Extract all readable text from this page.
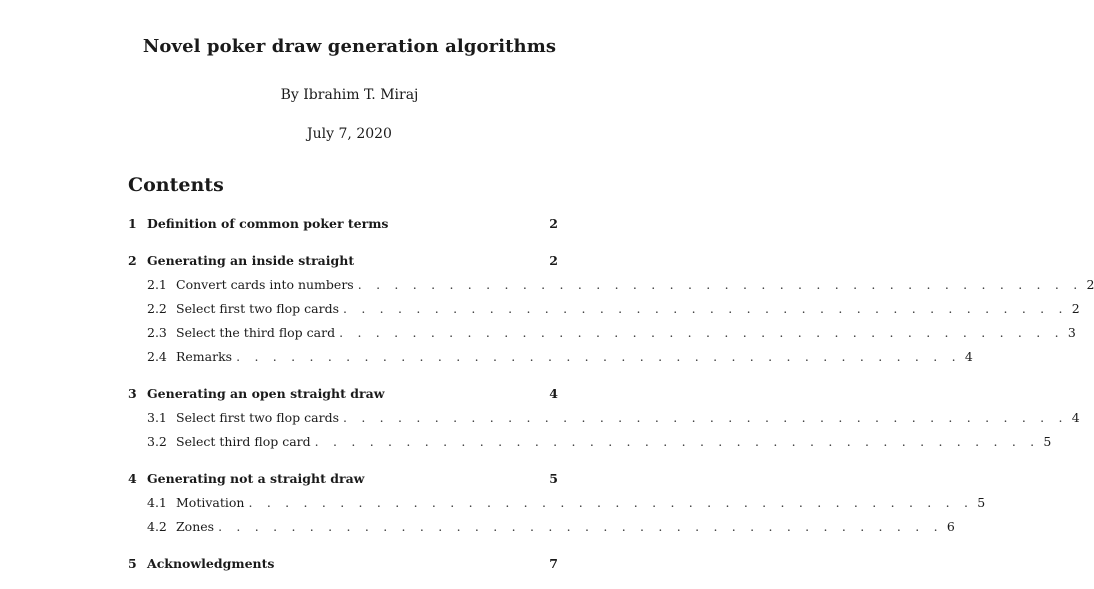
Novel poker draw generation algorithms
By Ibrahim T. Miraj
July 7, 2020
Contents
1 Definition of common poker terms	2
2 Generating an inside straight	2
2.1 Convert cards into numbers . . . . . . . . . . . . . . . . . . . . . . . . . . . . . . . . . . . . . . . . 2
2.2 Select first two flop cards . . . . . . . . . . . . . . . . . . . . . . . . . . . . . . . . . . . . . . . . 2
2.3 Select the third flop card . . . . . . . . . . . . . . . . . . . . . . . . . . . . . . . . . . . . . . . . 3
2.4 Remarks . . . . . . . . . . . . . . . . . . . . . . . . . . . . . . . . . . . . . . . . 4
3 Generating an open straight draw	4
3.1 Select first two flop cards . . . . . . . . . . . . . . . . . . . . . . . . . . . . . . . . . . . . . . . . 4
3.2 Select third flop card . . . . . . . . . . . . . . . . . . . . . . . . . . . . . . . . . . . . . . . . 5
4 Generating not a straight draw	5
4.1 Motivation . . . . . . . . . . . . . . . . . . . . . . . . . . . . . . . . . . . . . . . . 5
4.2 Zones . . . . . . . . . . . . . . . . . . . . . . . . . . . . . . . . . . . . . . . . 6
5 Acknowledgments	7
